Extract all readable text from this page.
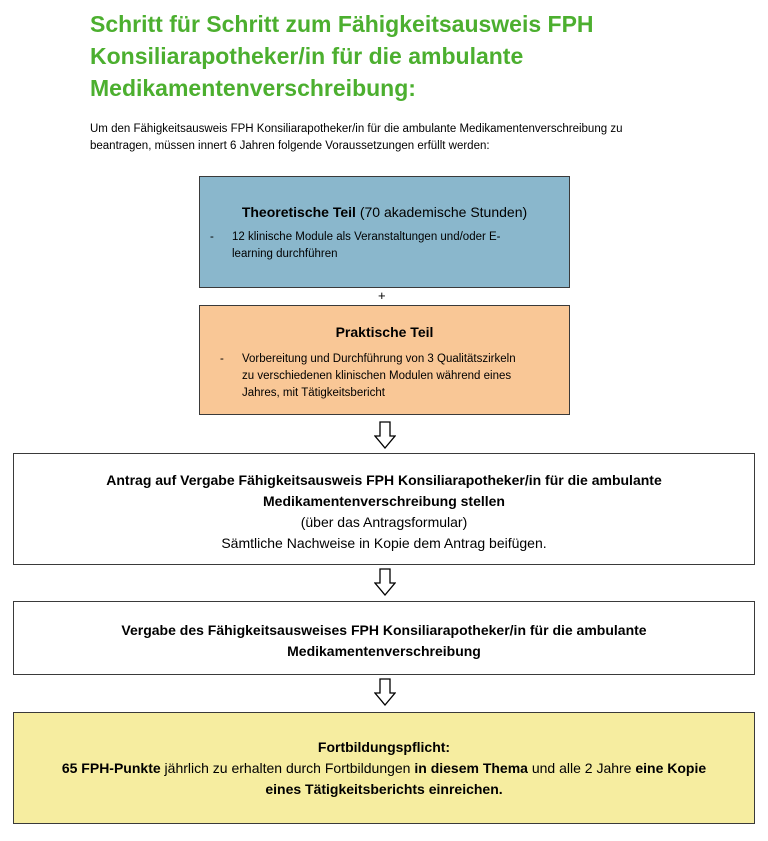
Schritt für Schritt zum Fähigkeitsausweis FPH
Konsiliarapotheker/in für die ambulante
Medikamentenverschreibung:
Um den Fähigkeitsausweis FPH Konsiliarapotheker/in für die ambulante Medikamentenverschreibung zu
beantragen, müssen innert 6 Jahren folgende Voraussetzungen erfüllt werden:
Theoretische Teil (70 akademische Stunden)
- 12 klinische Module als Veranstaltungen und/oder E-
learning durchführen
+
Praktische Teil
- Vorbereitung und Durchführung von 3 Qualitätszirkeln
zu verschiedenen klinischen Modulen während eines
Jahres, mit Tätigkeitsbericht
Antrag auf Vergabe Fähigkeitsausweis FPH Konsiliarapotheker/in für die ambulante
Medikamentenverschreibung stellen
(über das Antragsformular)
Sämtliche Nachweise in Kopie dem Antrag beifügen.
Vergabe des Fähigkeitsausweises FPH Konsiliarapotheker/in für die ambulante
Medikamentenverschreibung
Fortbildungspflicht:
65 FPH-Punkte jährlich zu erhalten durch Fortbildungen in diesem Thema und alle 2 Jahre eine Kopie
eines Tätigkeitsberichts einreichen.
